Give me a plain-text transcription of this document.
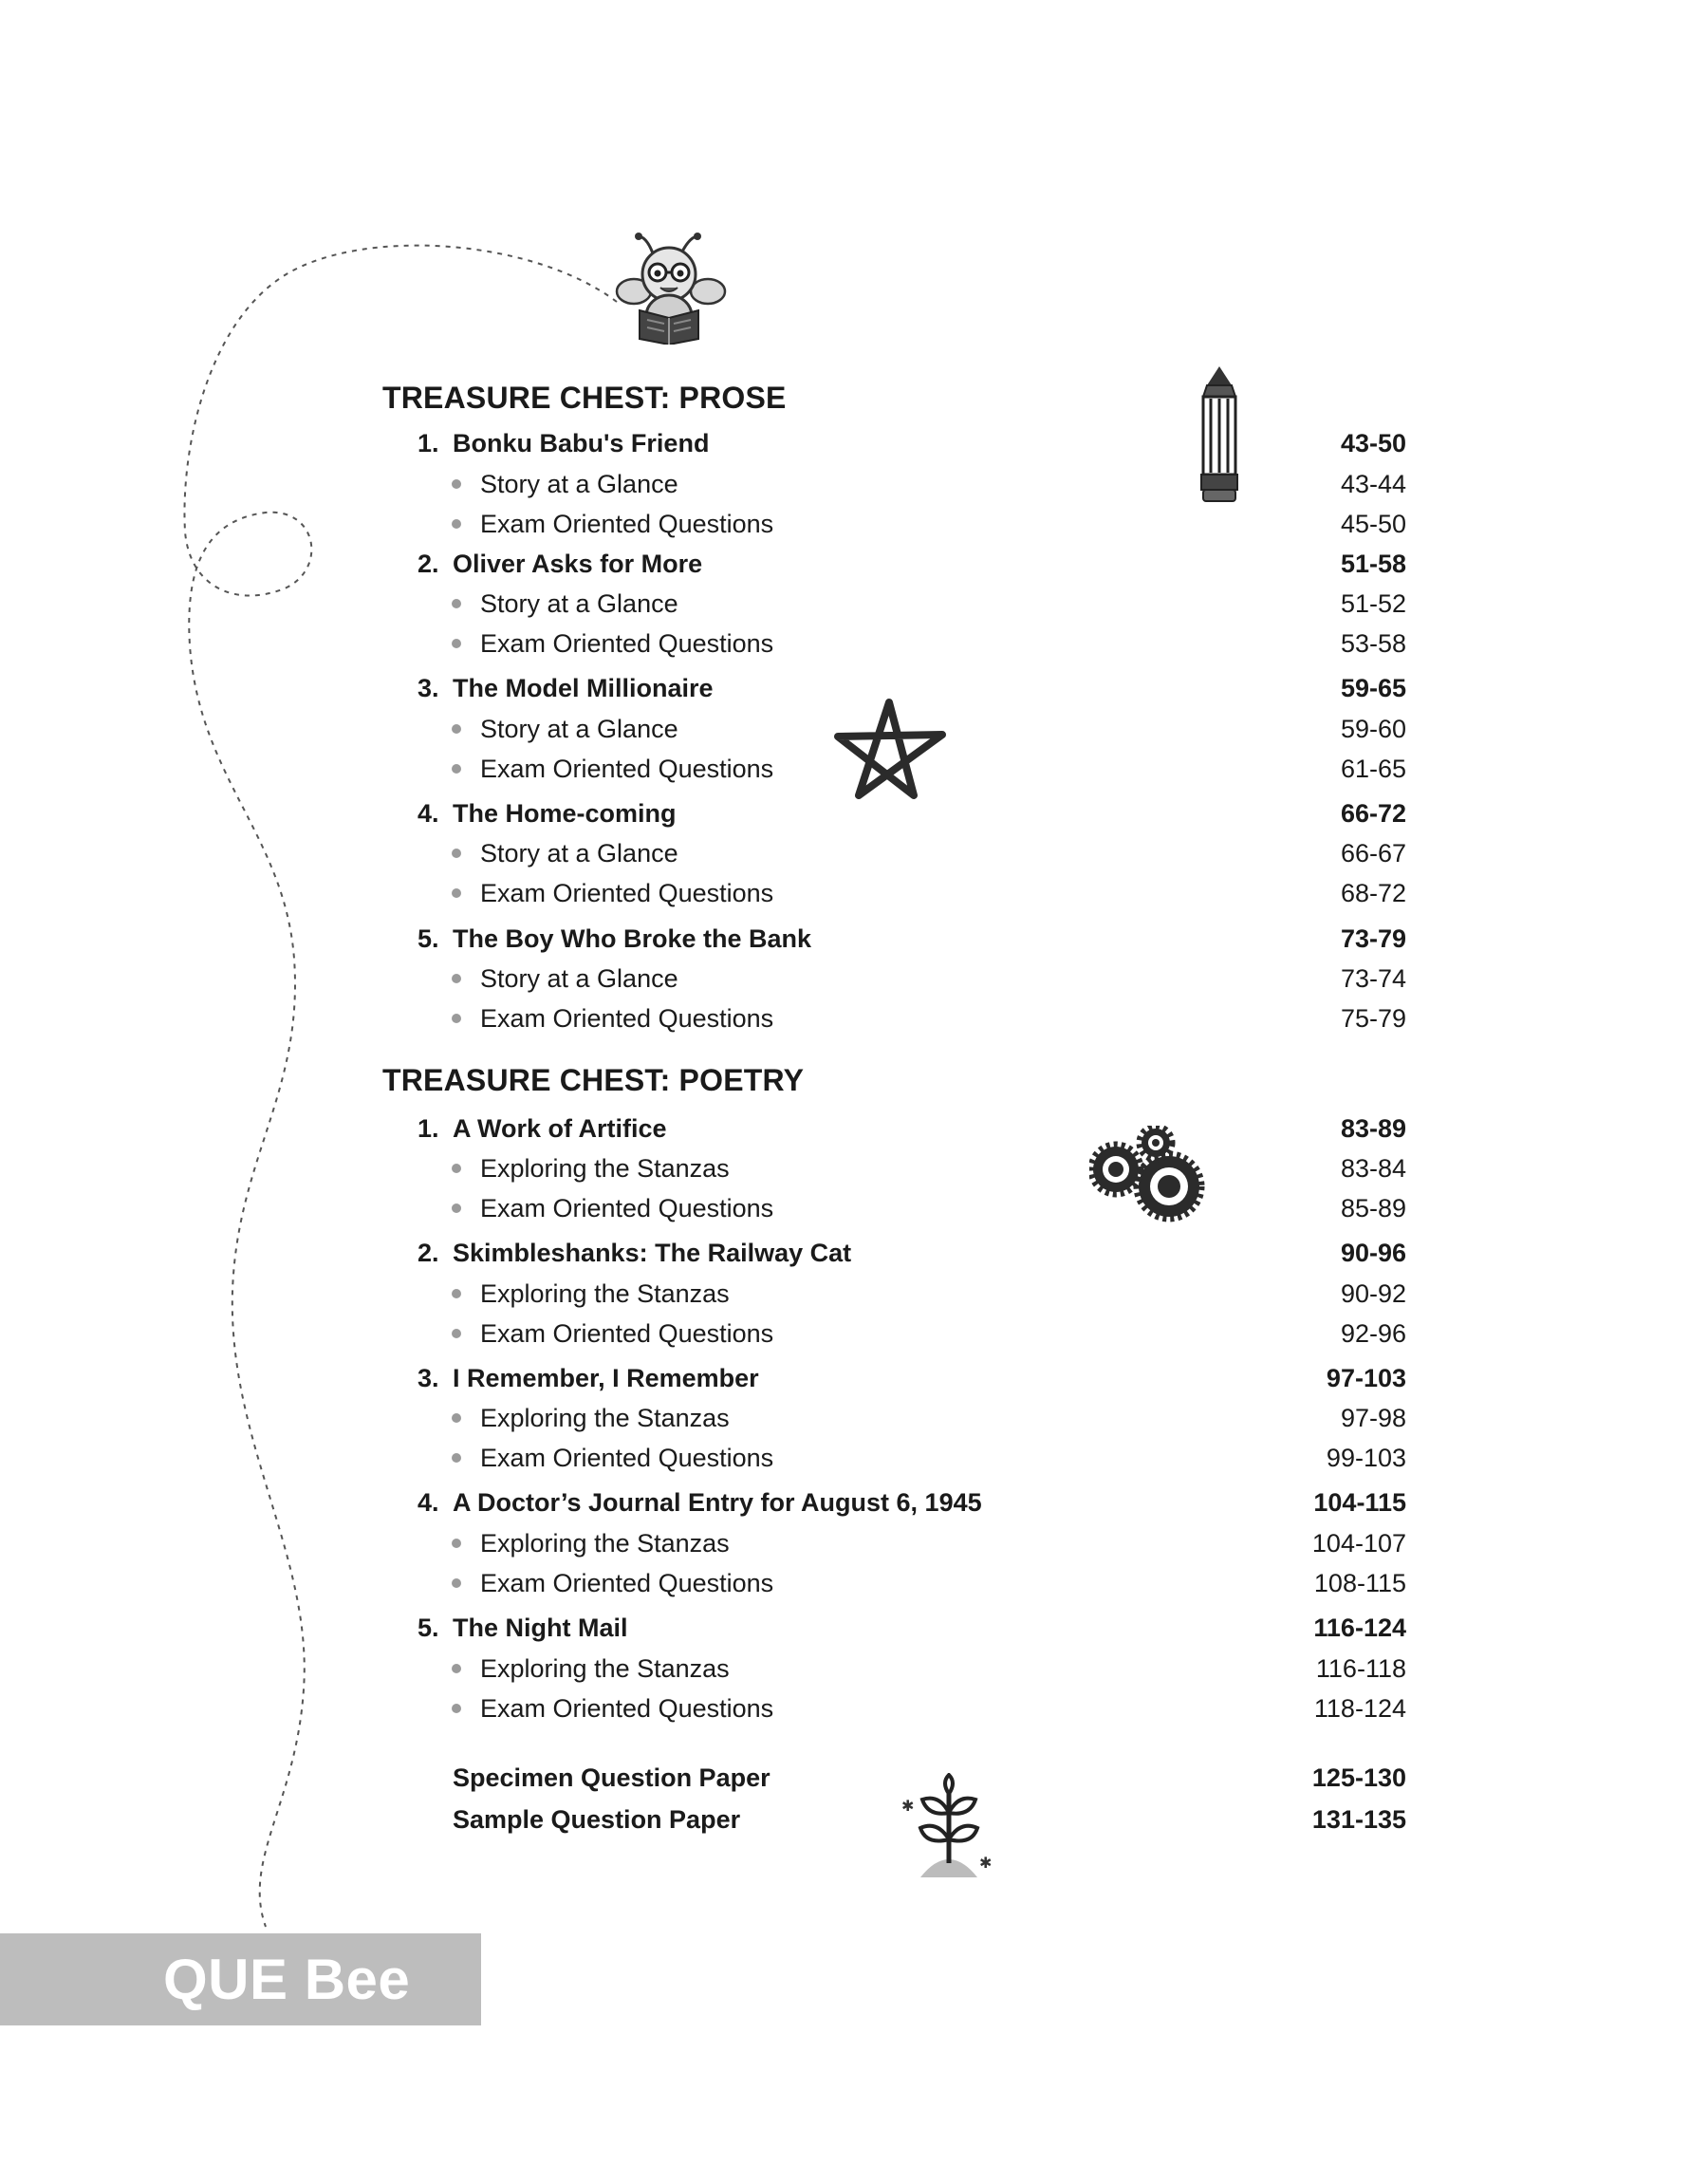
✱
✱
TREASURE CHEST: PROSE
1. Bonku Babu's Friend	43-50
Story at a Glance	43-44
Exam Oriented Questions	45-50
2. Oliver Asks for More	51-58
Story at a Glance	51-52
Exam Oriented Questions	53-58
3. The Model Millionaire	59-65
Story at a Glance	59-60
Exam Oriented Questions	61-65
4. The Home-coming	66-72
Story at a Glance	66-67
Exam Oriented Questions	68-72
5. The Boy Who Broke the Bank	73-79
Story at a Glance	73-74
Exam Oriented Questions	75-79
TREASURE CHEST: POETRY
1. A Work of Artifice	83-89
Exploring the Stanzas	83-84
Exam Oriented Questions	85-89
2. Skimbleshanks: The Railway Cat	90-96
Exploring the Stanzas	90-92
Exam Oriented Questions	92-96
3. I Remember, I Remember	97-103
Exploring the Stanzas	97-98
Exam Oriented Questions	99-103
4. A Doctor’s Journal Entry for August 6, 1945	104-115
Exploring the Stanzas	104-107
Exam Oriented Questions	108-115
5. The Night Mail	116-124
Exploring the Stanzas	116-118
Exam Oriented Questions	118-124
Specimen Question Paper	125-130
Sample Question Paper	131-135
QUE Bee
